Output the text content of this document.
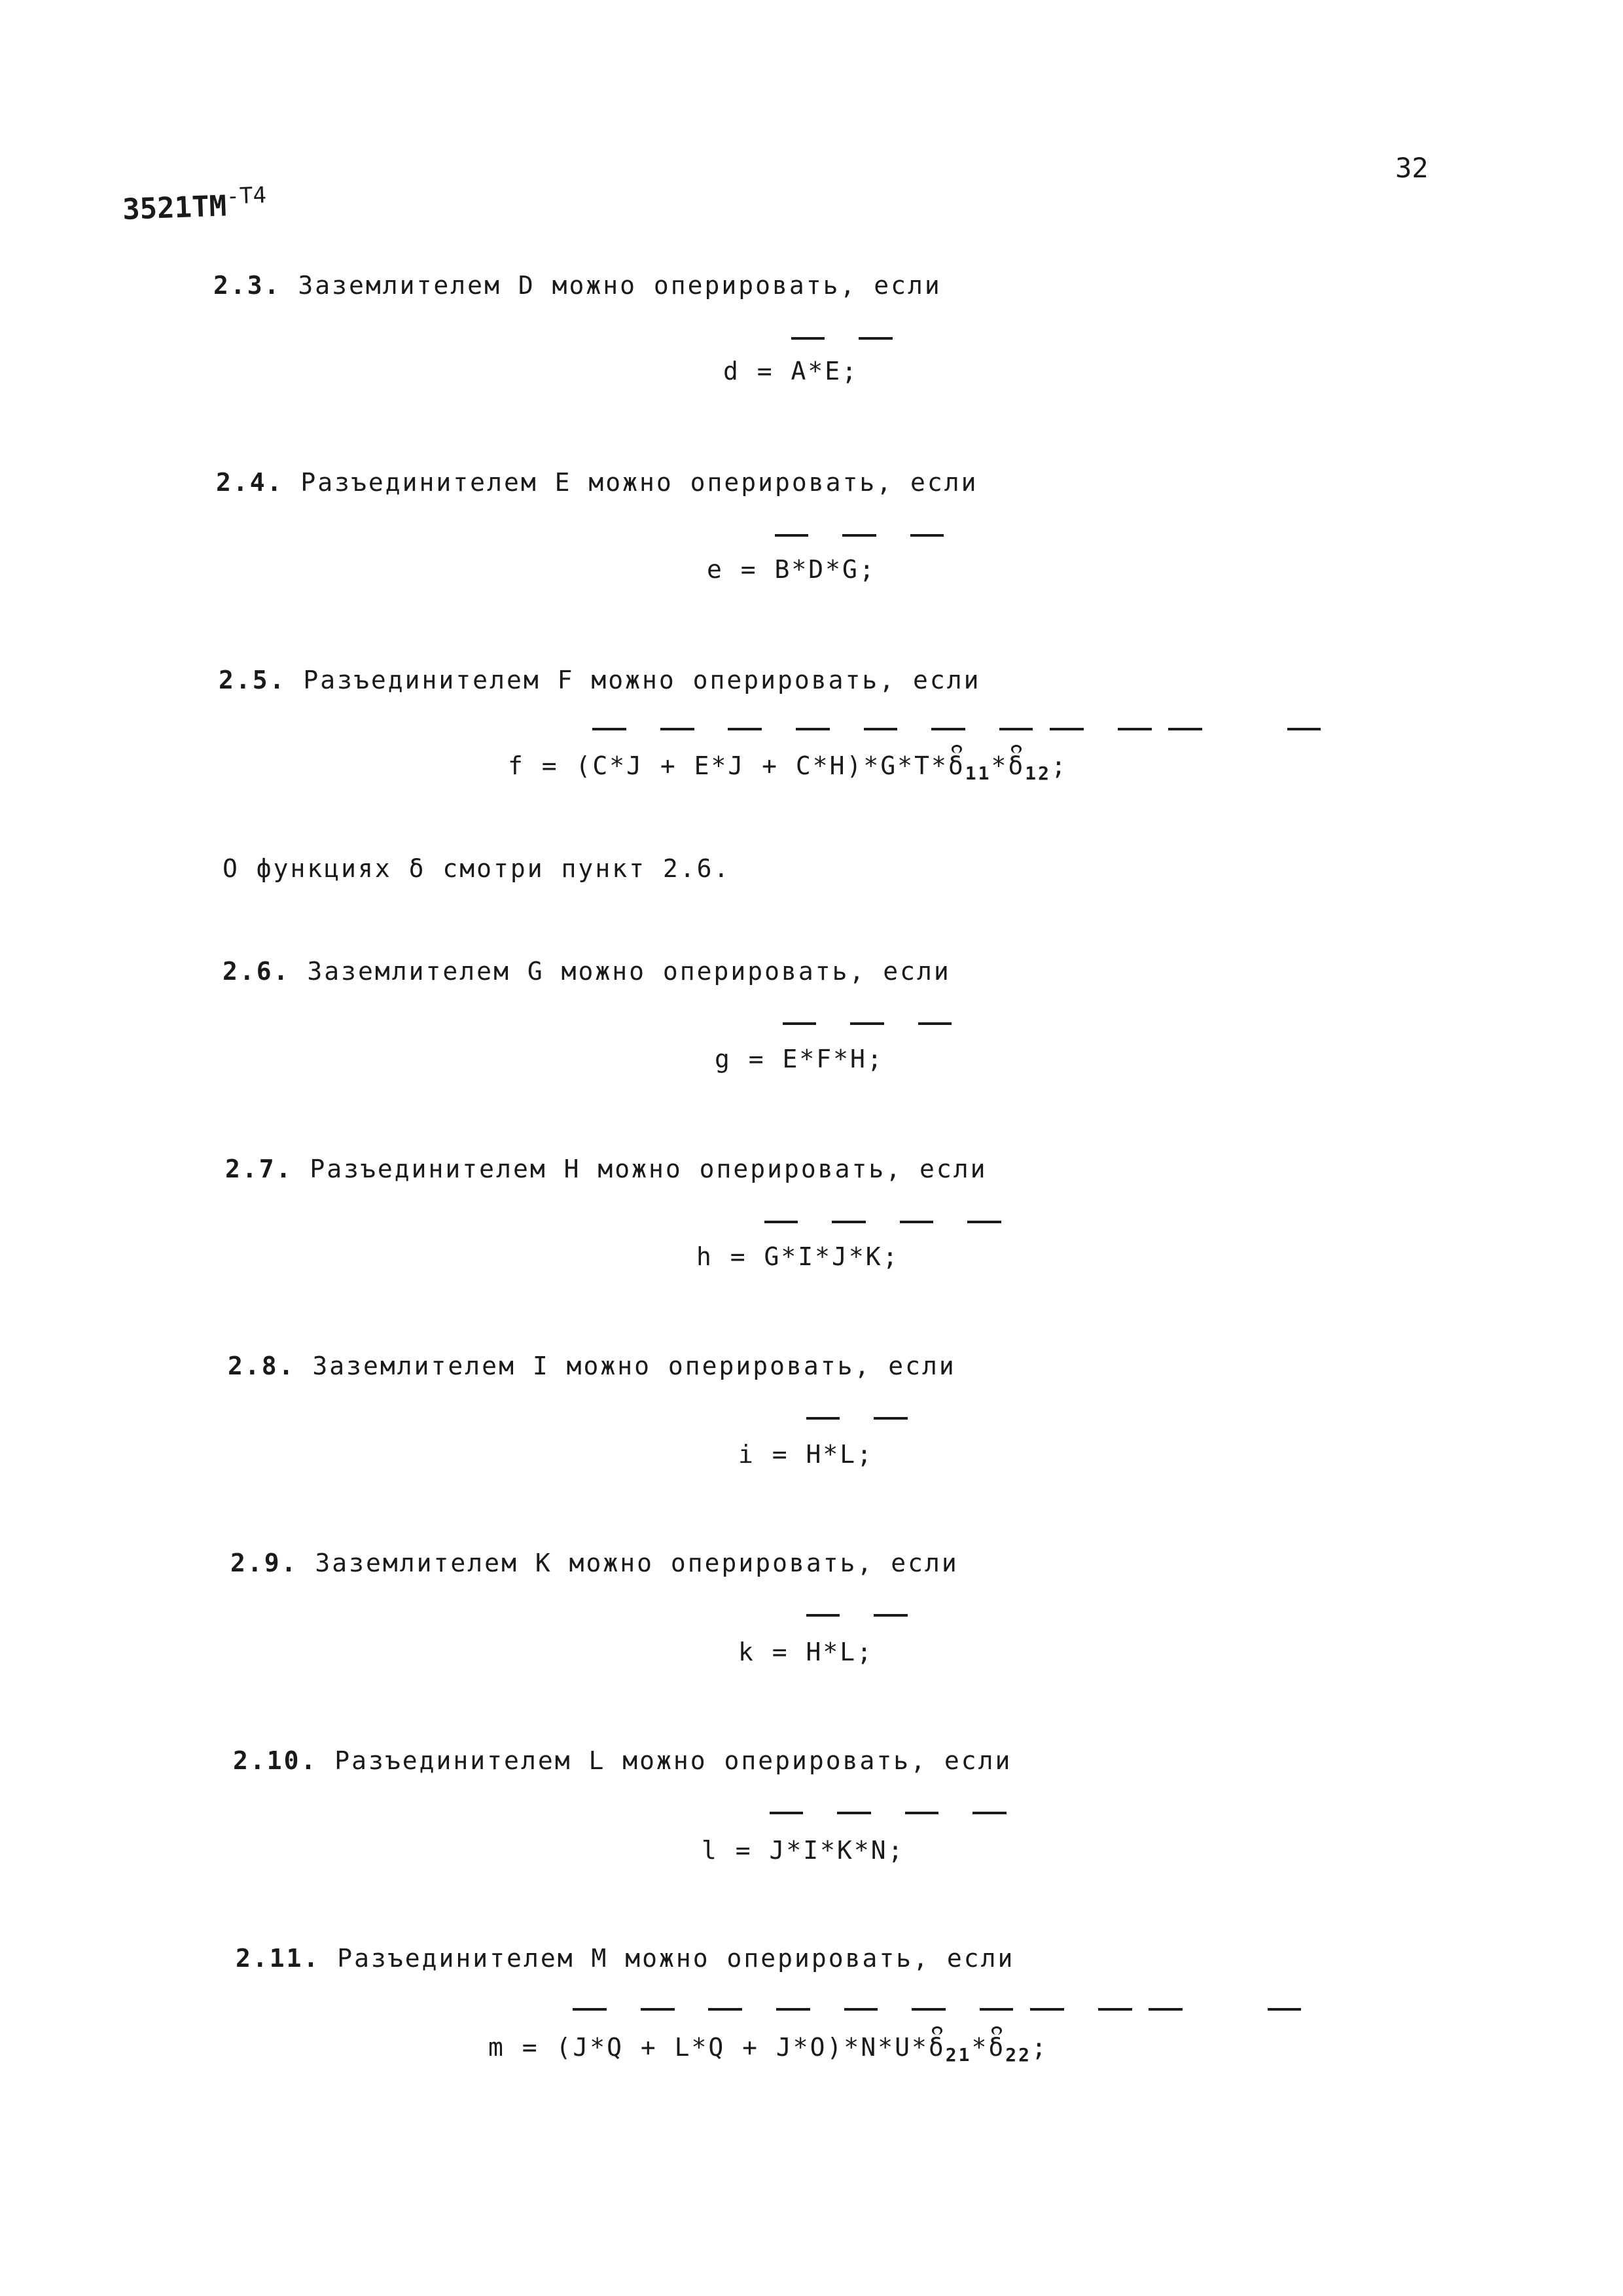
32
$3521ТМ^{-Т4}$
2.3. Заземлителем D можно оперировать, если

d = A*E;
2.4. Разъединителем E можно оперировать, если

e = B*D*G;
2.5. Разъединителем F можно оперировать, если

$f = (C*J + E*J + C*H)*G*T*\delta_{11}*\delta_{12}$;
О функциях δ смотри пункт 2.6.
2.6. Заземлителем G можно оперировать, если

g = E*F*H;
2.7. Разъединителем H можно оперировать, если

h = G*I*J*K;
2.8. Заземлителем I можно оперировать, если

i = H*L;
2.9. Заземлителем K можно оперировать, если

k = H*L;
2.10. Разъединителем L можно оперировать, если

l = J*I*K*N;
2.11. Разъединителем M можно оперировать, если

$m = (J*Q + L*Q + J*O)*N*U*\delta_{21}*\delta_{22}$;
